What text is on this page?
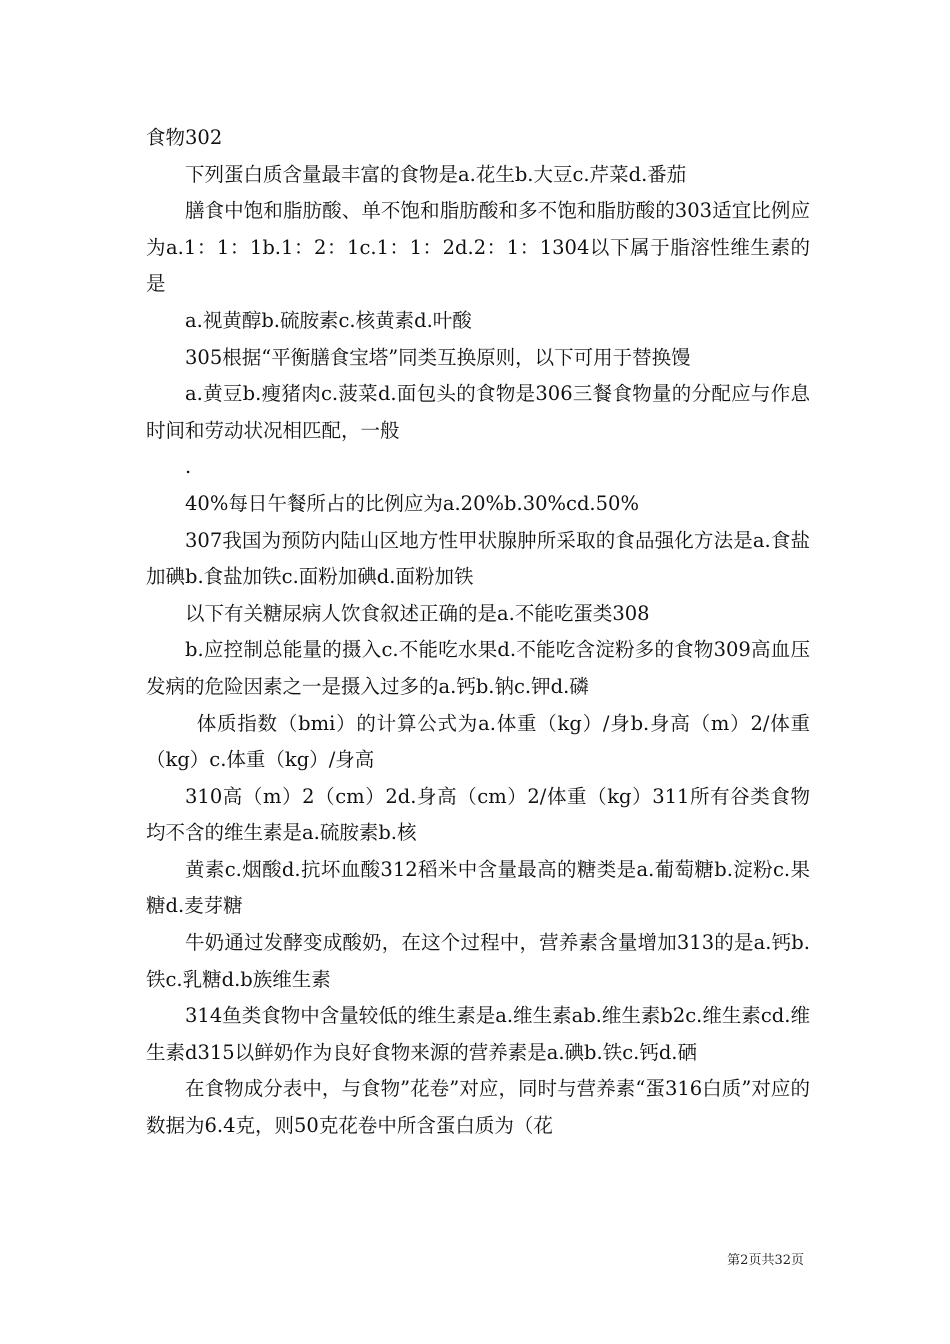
食物302

下列蛋白质含量最丰富的食物是a.花生b.大豆c.芹菜d.番茄

膳食中饱和脂肪酸、单不饱和脂肪酸和多不饱和脂肪酸的303适宜比例应为a.1：1：1b.1：2：1c.1：1：2d.2：1：1304以下属于脂溶性维生素的是

a.视黄醇b.硫胺素c.核黄素d.叶酸

305根据“平衡膳食宝塔”同类互换原则，以下可用于替换馒

a.黄豆b.瘦猪肉c.菠菜d.面包头的食物是306三餐食物量的分配应与作息时间和劳动状况相匹配，一般

.

40%每日午餐所占的比例应为a.20%b.30%cd.50%

307我国为预防内陆山区地方性甲状腺肿所采取的食品强化方法是a.食盐加碘b.食盐加铁c.面粉加碘d.面粉加铁

以下有关糖尿病人饮食叙述正确的是a.不能吃蛋类308

b.应控制总能量的摄入c.不能吃水果d.不能吃含淀粉多的食物309高血压发病的危险因素之一是摄入过多的a.钙b.钠c.钾d.磷

体质指数（bmi）的计算公式为a.体重（kg）/身b.身高（m）2/体重（kg）c.体重（kg）/身高

310高（m）2（cm）2d.身高（cm）2/体重（kg）311所有谷类食物均不含的维生素是a.硫胺素b.核

黄素c.烟酸d.抗坏血酸312稻米中含量最高的糖类是a.葡萄糖b.淀粉c.果糖d.麦芽糖

牛奶通过发酵变成酸奶，在这个过程中，营养素含量增加313的是a.钙b.铁c.乳糖d.b族维生素

314鱼类食物中含量较低的维生素是a.维生素ab.维生素b2c.维生素cd.维生素d315以鲜奶作为良好食物来源的营养素是a.碘b.铁c.钙d.硒

在食物成分表中，与食物”花卷”对应，同时与营养素“蛋316白质”对应的数据为6.4克，则50克花卷中所含蛋白质为（花

第2页共32页
